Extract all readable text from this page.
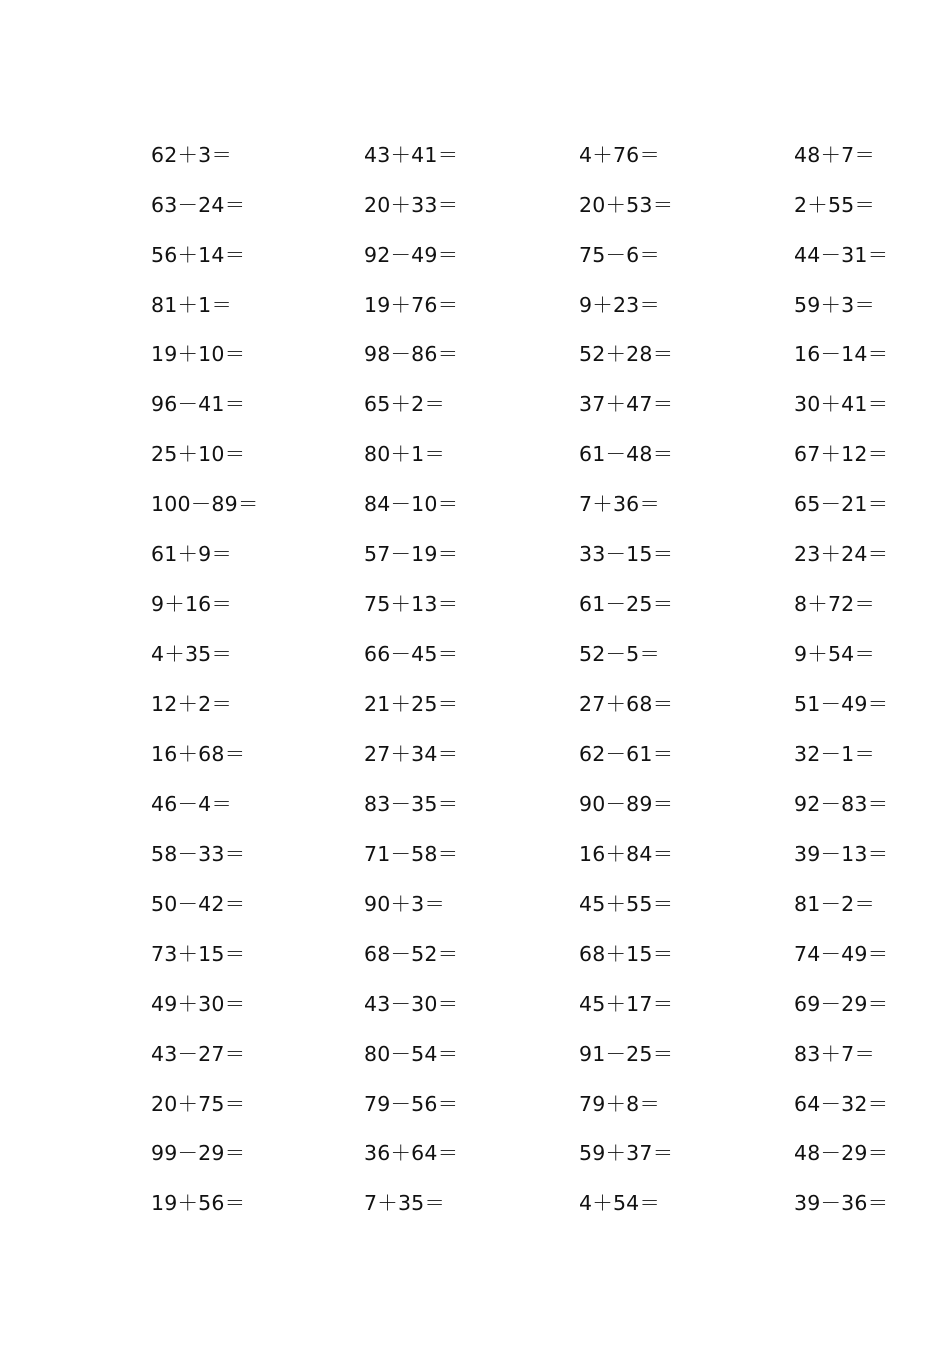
62＋3＝	43＋41＝	4＋76＝	48＋7＝
63－24＝	20＋33＝	20＋53＝	2＋55＝
56＋14＝	92－49＝	75－6＝	44－31＝
81＋1＝	19＋76＝	9＋23＝	59＋3＝
19＋10＝	98－86＝	52＋28＝	16－14＝
96－41＝	65＋2＝	37＋47＝	30＋41＝
25＋10＝	80＋1＝	61－48＝	67＋12＝
100－89＝	84－10＝	7＋36＝	65－21＝
61＋9＝	57－19＝	33－15＝	23＋24＝
9＋16＝	75＋13＝	61－25＝	8＋72＝
4＋35＝	66－45＝	52－5＝	9＋54＝
12＋2＝	21＋25＝	27＋68＝	51－49＝
16＋68＝	27＋34＝	62－61＝	32－1＝
46－4＝	83－35＝	90－89＝	92－83＝
58－33＝	71－58＝	16＋84＝	39－13＝
50－42＝	90＋3＝	45＋55＝	81－2＝
73＋15＝	68－52＝	68＋15＝	74－49＝
49＋30＝	43－30＝	45＋17＝	69－29＝
43－27＝	80－54＝	91－25＝	83＋7＝
20＋75＝	79－56＝	79＋8＝	64－32＝
99－29＝	36＋64＝	59＋37＝	48－29＝
19＋56＝	7＋35＝	4＋54＝	39－36＝
